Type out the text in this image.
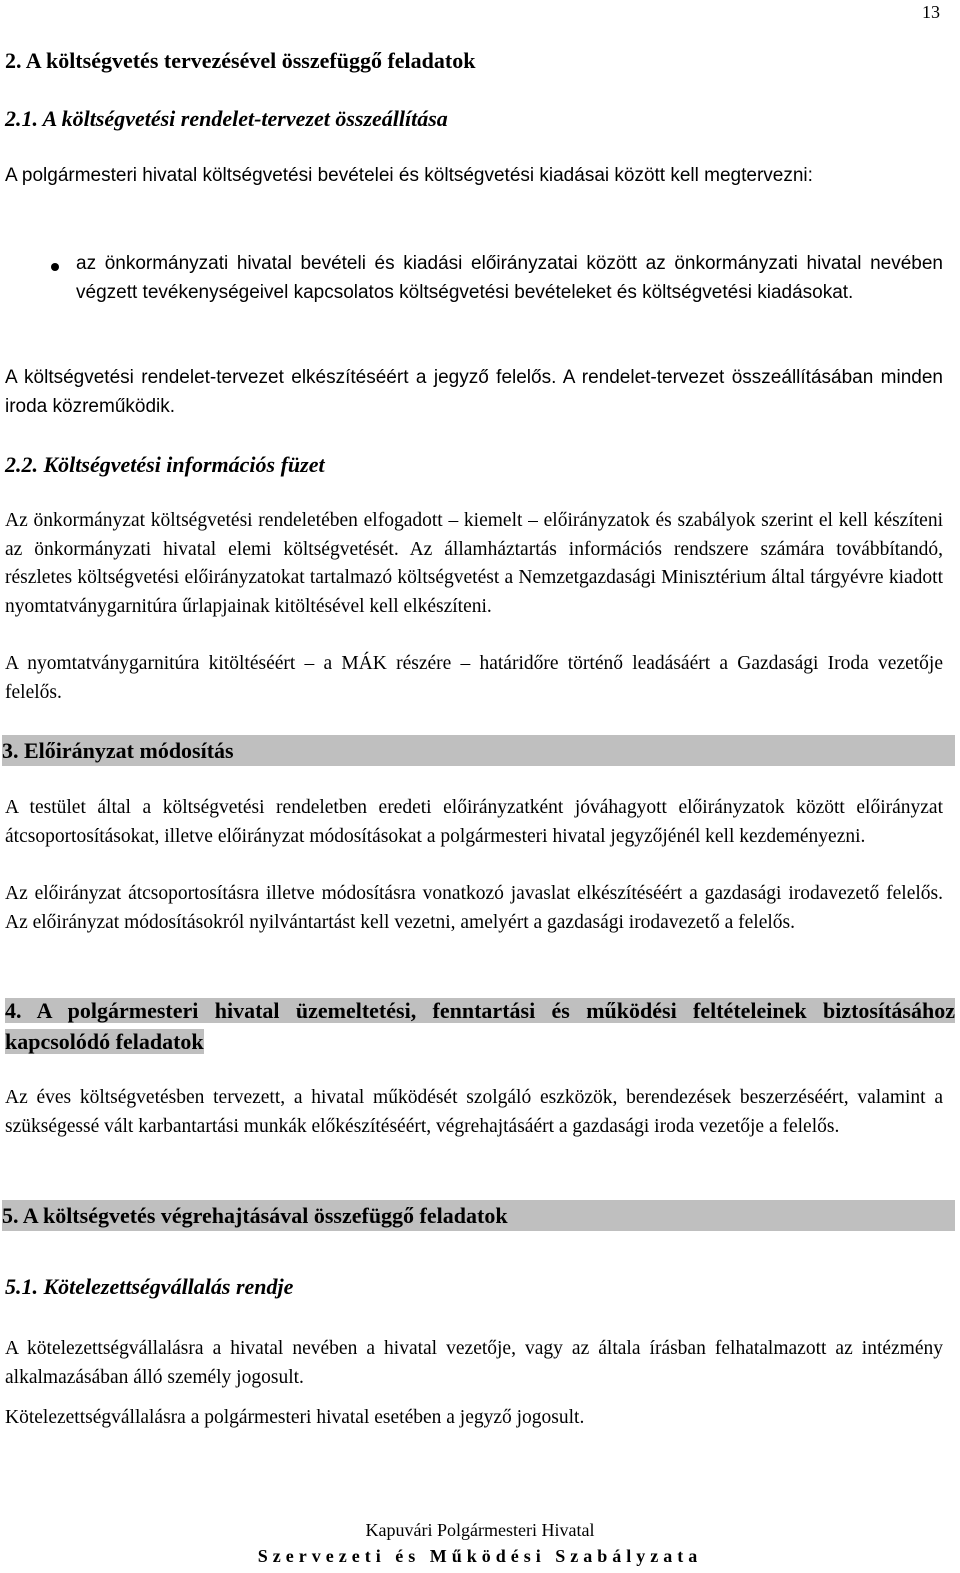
13
2. A költségvetés tervezésével összefüggő feladatok
2.1. A költségvetési rendelet-tervezet összeállítása

A polgármesteri hivatal költségvetési bevételei és költségvetési kiadásai között kell megtervezni:

az önkormányzati hivatal bevételi és kiadási előirányzatai között az önkormányzati hivatal nevében végzett tevékenységeivel kapcsolatos költségvetési bevételeket és költségvetési kiadásokat.

A költségvetési rendelet-tervezet elkészítéséért a jegyző felelős. A rendelet-tervezet összeállításában minden iroda közreműködik.

2.2. Költségvetési információs füzet

Az önkormányzat költségvetési rendeletében elfogadott – kiemelt – előirányzatok és szabályok szerint el kell készíteni az önkormányzati hivatal elemi költségvetését. Az államháztartás információs rendszere számára továbbítandó, részletes költségvetési előirányzatokat tartalmazó költségvetést a Nemzetgazdasági Minisztérium által tárgyévre kiadott nyomtatványgarnitúra űrlapjainak kitöltésével kell elkészíteni.

A nyomtatványgarnitúra kitöltéséért – a MÁK részére – határidőre történő leadásáért a Gazdasági Iroda vezetője felelős.

3. Előirányzat módosítás

A testület által a költségvetési rendeletben eredeti előirányzatként jóváhagyott előirányzatok között előirányzat átcsoportosításokat, illetve előirányzat módosításokat a polgármesteri hivatal jegyzőjénél kell kezdeményezni.

Az előirányzat átcsoportosításra illetve módosításra vonatkozó javaslat elkészítéséért a gazdasági irodavezető felelős. Az előirányzat módosításokról nyilvántartást kell vezetni, amelyért a gazdasági irodavezető a felelős.

4. A polgármesteri hivatal üzemeltetési, fenntartási és működési feltételeinek biztosításához kapcsolódó feladatok

Az éves költségvetésben tervezett, a hivatal működését szolgáló eszközök, berendezések beszerzéséért, valamint a szükségessé vált karbantartási munkák előkészítéséért, végrehajtásáért a gazdasági iroda vezetője a felelős.

5. A költségvetés végrehajtásával összefüggő feladatok
5.1. Kötelezettségvállalás rendje

A kötelezettségvállalásra a hivatal nevében a hivatal vezetője, vagy az általa írásban felhatalmazott az intézmény alkalmazásában álló személy jogosult.

Kötelezettségvállalásra a polgármesteri hivatal esetében a jegyző jogosult.

Kapuvári Polgármesteri Hivatal
Szervezeti és Működési Szabályzata
